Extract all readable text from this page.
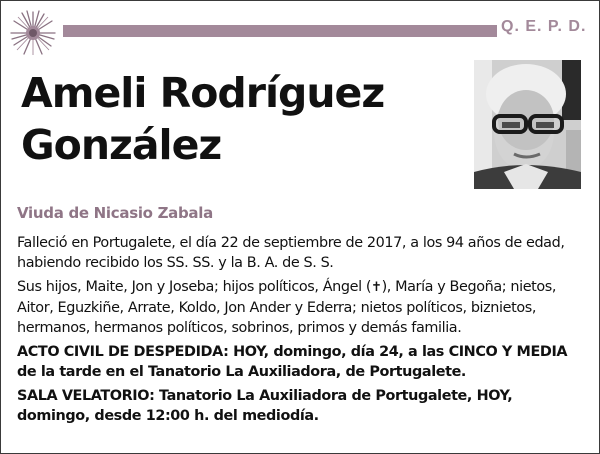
Q. E. P. D.
Ameli Rodríguez
González
Viuda de Nicasio Zabala

Falleció en Portugalete, el día 22 de septiembre de 2017, a los 94 años de edad, habiendo recibido los SS. SS. y la B. A. de S. S.

Sus hijos, Maite, Jon y Joseba; hijos políticos, Ángel (✝), María y Begoña; nietos, Aitor, Eguzkiñe, Arrate, Koldo, Jon Ander y Ederra; nietos políticos, biznietos, hermanos, hermanos políticos, sobrinos, primos y demás familia.

ACTO CIVIL DE DESPEDIDA: HOY, domingo, día 24, a las CINCO Y MEDIA de la tarde en el Tanatorio La Auxiliadora, de Portugalete.

SALA VELATORIO: Tanatorio La Auxiliadora de Portugalete, HOY, domingo, desde 12:00 h. del mediodía.
